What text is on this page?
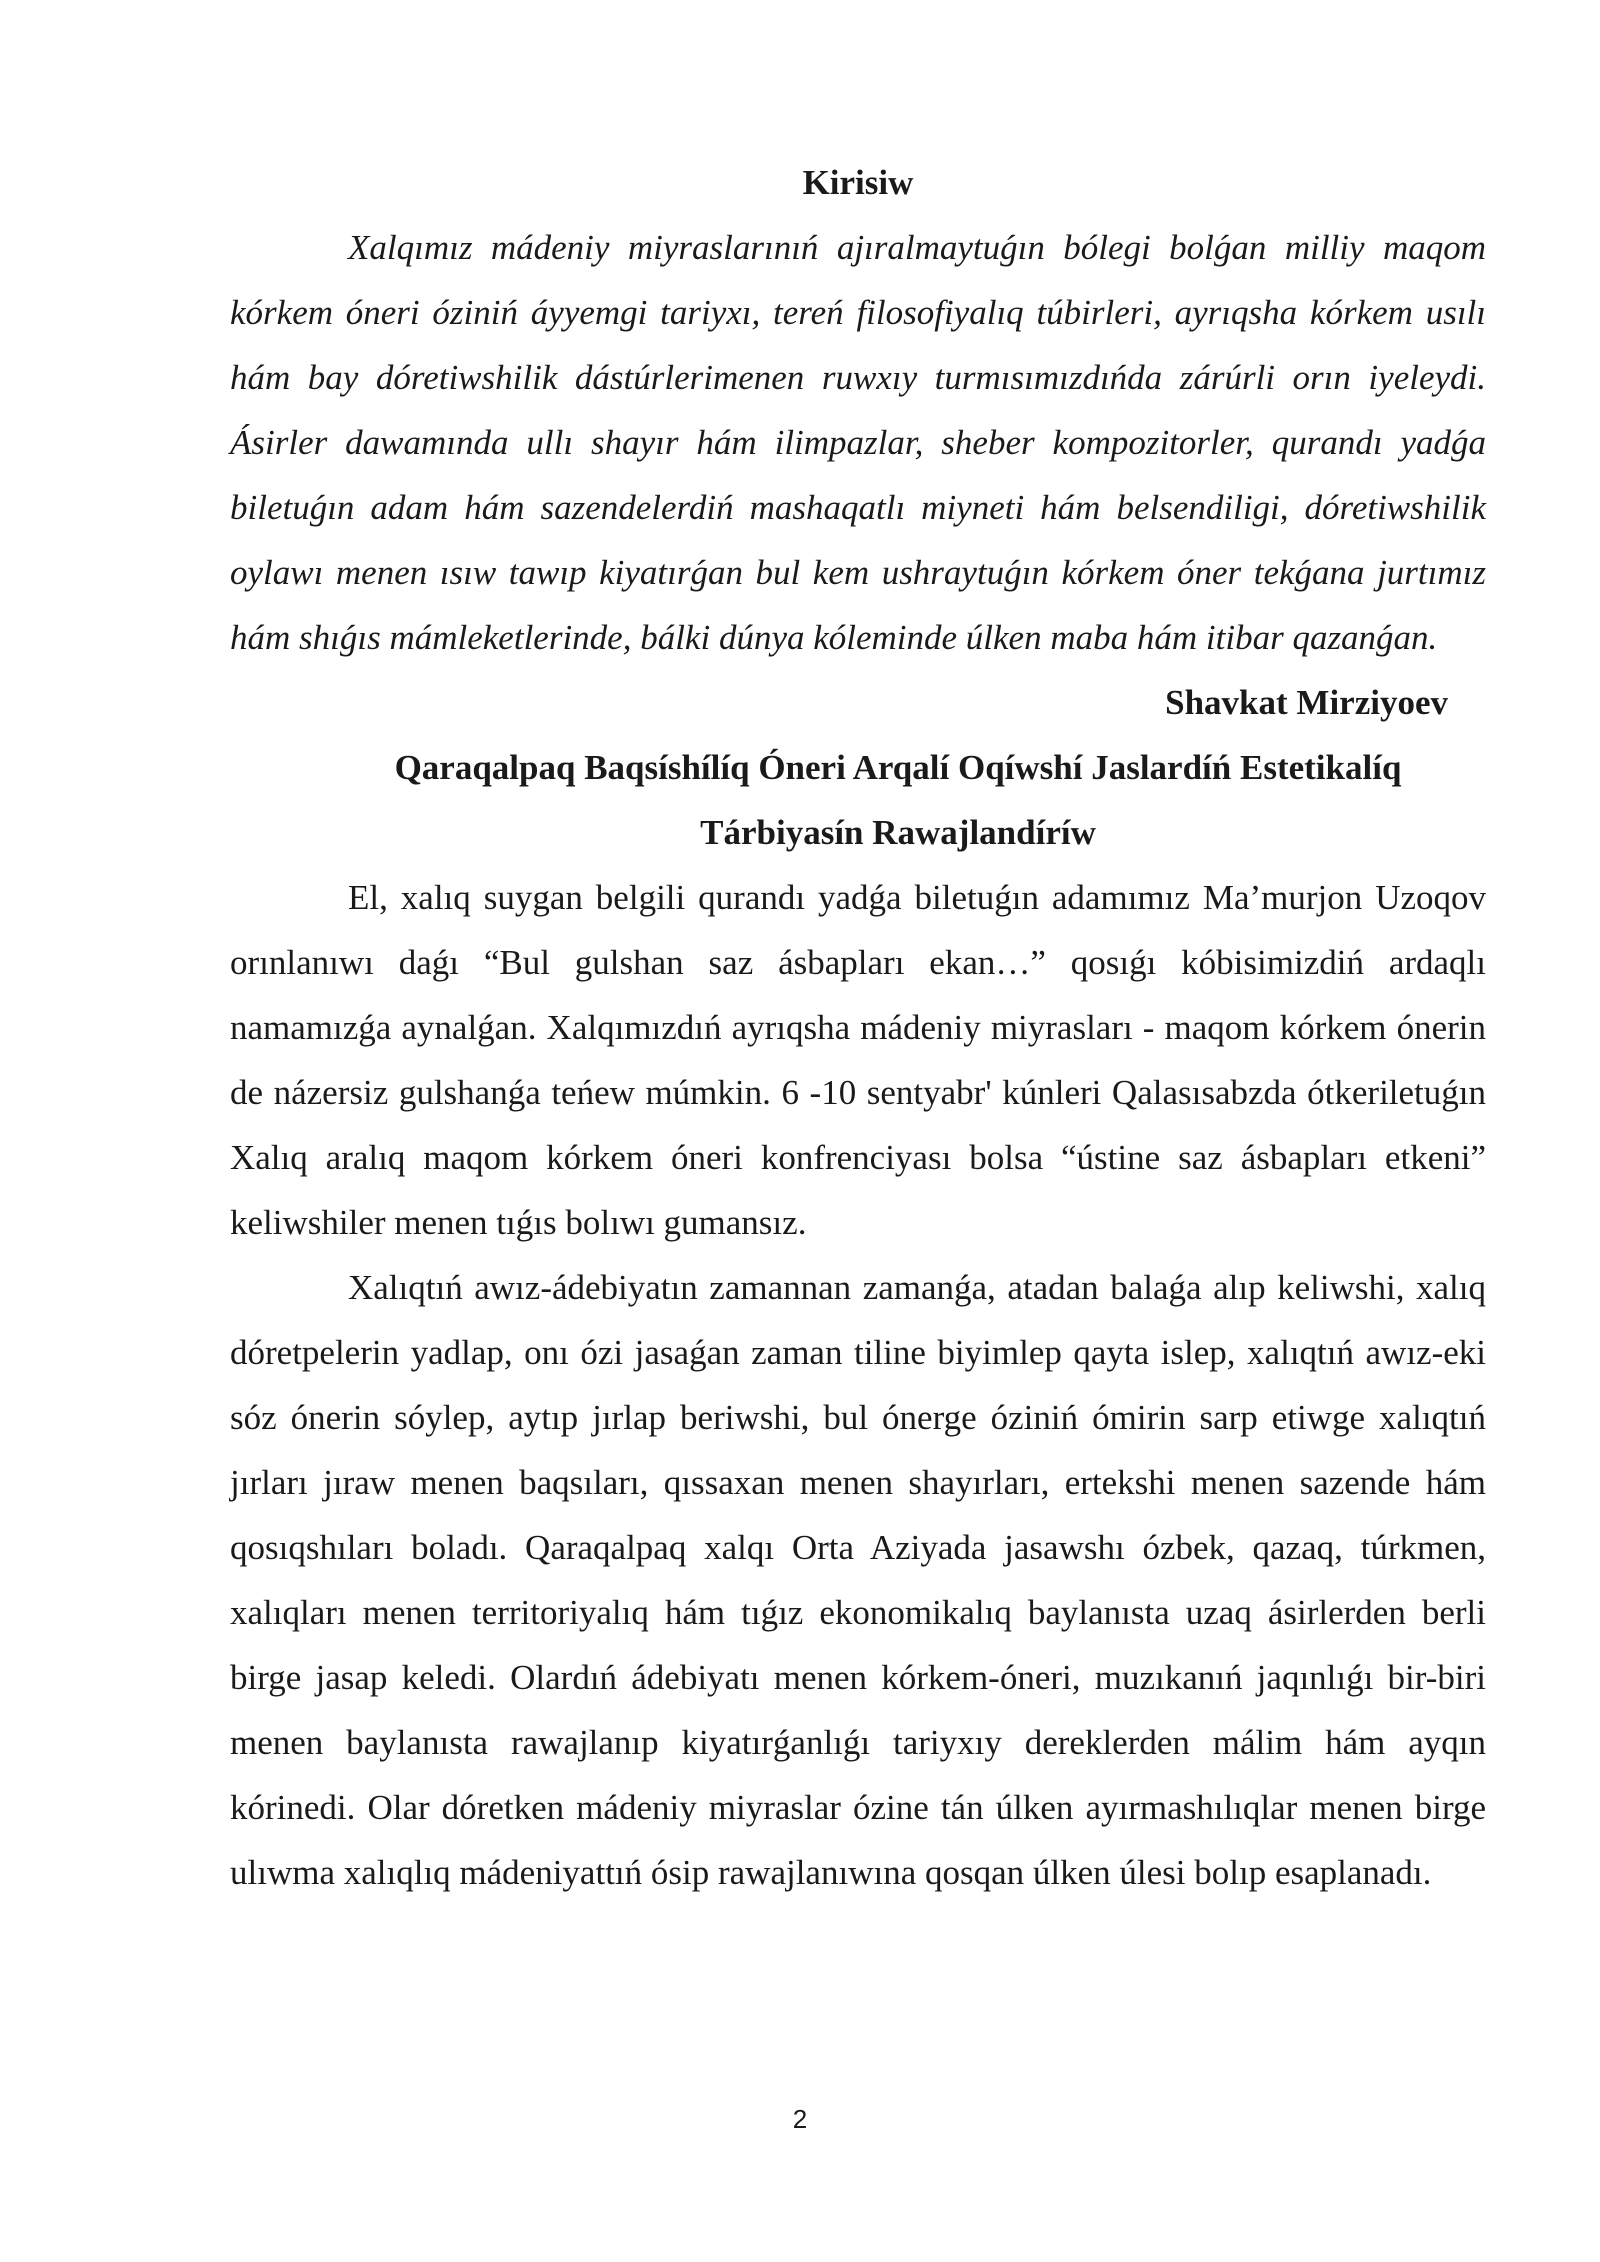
Kirisiw

Xalqımız mádeniy miyraslarınıń ajıralmaytuǵın bólegi bolǵan milliy maqom kórkem óneri óziniń áyyemgi tariyxı, tereń filosofiyalıq túbirleri, ayrıqsha kórkem usılı hám bay dóretiwshilik dástúrlerimenen ruwxıy turmısımızdıńda zárúrli orın iyeleydi. Ásirler dawamında ullı shayır hám ilimpazlar, sheber kompozitorler, qurandı yadǵa biletuǵın adam hám sazendelerdiń mashaqatlı miyneti hám belsendiligi, dóretiwshilik oylawı menen ısıw tawıp kiyatırǵan bul kem ushraytuǵın kórkem óner tekǵana jurtımız hám shıǵıs mámleketlerinde, bálki dúnya kóleminde úlken maba hám itibar qazanǵan.

Shavkat Mirziyoev

Qaraqalpaq Baqsíshílíq Óneri Arqalí Oqíwshí Jaslardíń Estetikalíq Tárbiyasín Rawajlandíríw

El, xalıq suygan belgili qurandı yadǵa biletuǵın adamımız Ma’murjon Uzoqov orınlanıwı daǵı “Bul gulshan saz ásbapları ekan…” qosıǵı kóbisimizdiń ardaqlı namamızǵa aynalǵan. Xalqımızdıń ayrıqsha mádeniy miyrasları - maqom kórkem ónerin de názersiz gulshanǵa teńew múmkin. 6 -10 sentyabr' kúnleri Qalasısabzda ótkeriletuǵın Xalıq aralıq maqom kórkem óneri konfrenciyası bolsa “ústine saz ásbapları etkeni” keliwshiler menen tıǵıs bolıwı gumansız.

Xalıqtıń awız-ádebiyatın zamannan zamanǵa, atadan balaǵa alıp keliwshi, xalıq dóretpelerin yadlap, onı ózi jasaǵan zaman tiline biyimlep qayta islep, xalıqtıń awız-eki sóz ónerin sóylep, aytıp jırlap beriwshi, bul ónerge óziniń ómirin sarp etiwge xalıqtıń jırları jıraw menen baqsıları, qıssaxan menen shayırları, ertekshi menen sazende hám qosıqshıları boladı. Qaraqalpaq xalqı Orta Aziyada jasawshı ózbek, qazaq, túrkmen, xalıqları menen territoriyalıq hám tıǵız ekonomikalıq baylanısta uzaq ásirlerden berli birge jasap keledi. Olardıń ádebiyatı menen kórkem-óneri, muzıkanıń jaqınlıǵı bir-biri menen baylanısta rawajlanıp kiyatırǵanlıǵı tariyxıy dereklerden málim hám ayqın kórinedi. Olar dóretken mádeniy miyraslar ózine tán úlken ayırmashılıqlar menen birge ulıwma xalıqlıq mádeniyattıń ósip rawajlanıwına qosqan úlken úlesi bolıp esaplanadı.

2
